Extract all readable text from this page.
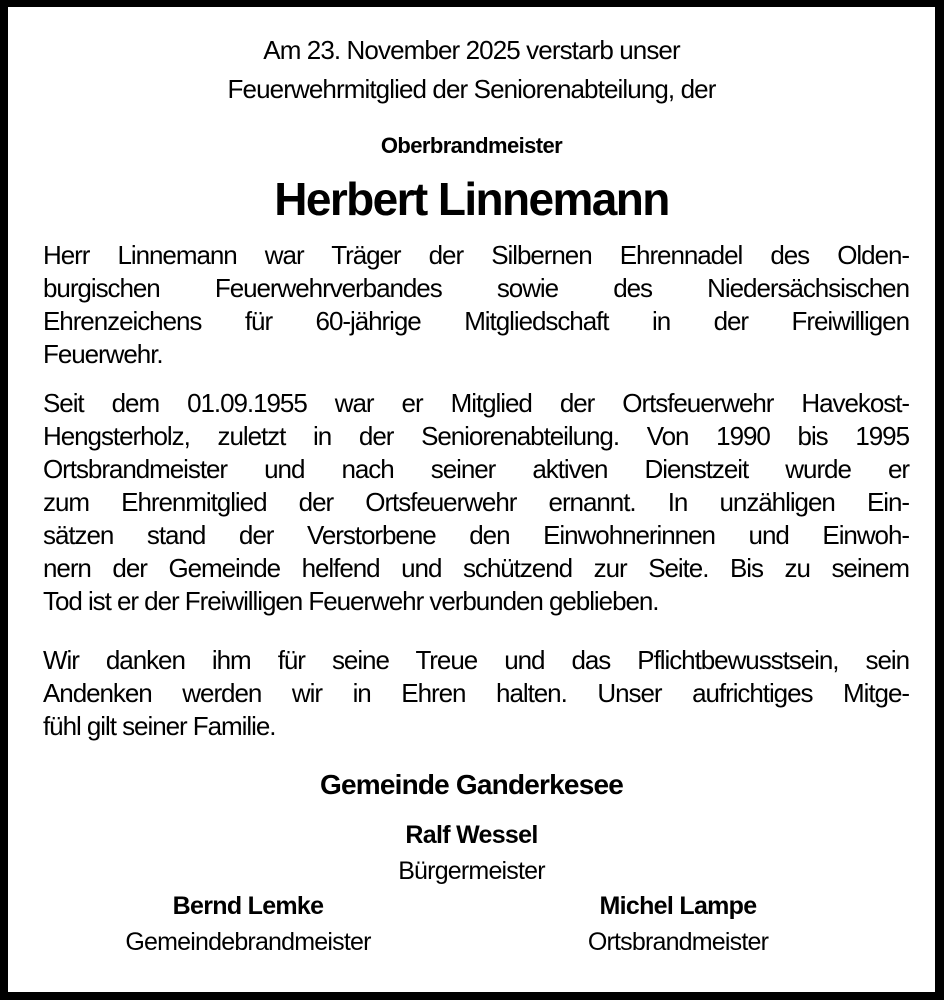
Am 23. November 2025 verstarb unser
Feuerwehrmitglied der Seniorenabteilung, der
Oberbrandmeister
Herbert Linnemann
Herr Linnemann war Träger der Silbernen Ehrennadel des Olden-
burgischen Feuerwehrverbandes sowie des Niedersächsischen
Ehrenzeichens für 60-jährige Mitgliedschaft in der Freiwilligen
Feuerwehr.
Seit dem 01.09.1955 war er Mitglied der Ortsfeuerwehr Havekost-
Hengsterholz, zuletzt in der Seniorenabteilung. Von 1990 bis 1995
Ortsbrandmeister und nach seiner aktiven Dienstzeit wurde er
zum Ehrenmitglied der Ortsfeuerwehr ernannt. In unzähligen Ein-
sätzen stand der Verstorbene den Einwohnerinnen und Einwoh-
nern der Gemeinde helfend und schützend zur Seite. Bis zu seinem
Tod ist er der Freiwilligen Feuerwehr verbunden geblieben.
Wir danken ihm für seine Treue und das Pflichtbewusstsein, sein
Andenken werden wir in Ehren halten. Unser aufrichtiges Mitge-
fühl gilt seiner Familie.
Gemeinde Ganderkesee
Ralf Wessel
Bürgermeister
Bernd Lemke
Gemeindebrandmeister
Michel Lampe
Ortsbrandmeister
